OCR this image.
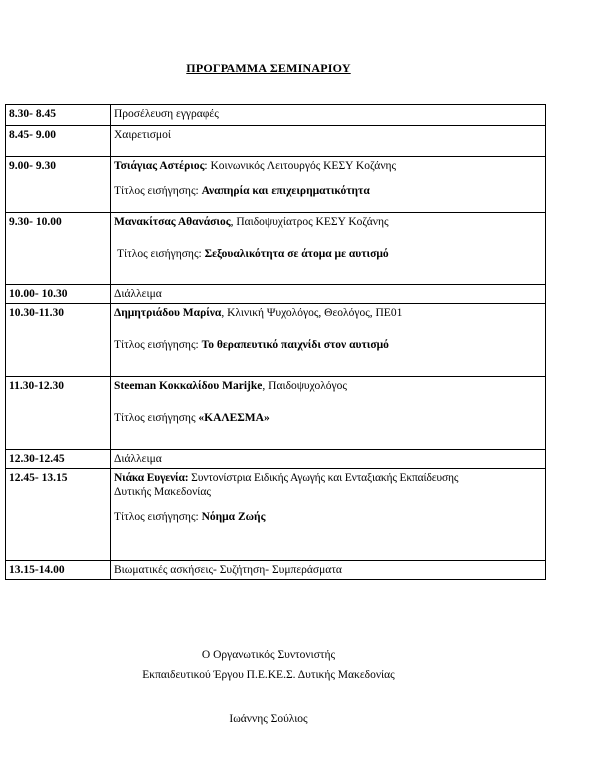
ΠΡΟΓΡΑΜΜΑ ΣΕΜΙΝΑΡΙΟΥ
8.30- 8.45	Προσέλευση εγγραφές
8.45- 9.00	Χαιρετισμοί
9.00- 9.30	Τσιάγιας Αστέριος: Κοινωνικός Λειτουργός ΚΕΣΥ Κοζάνης
Τίτλος εισήγησης: Αναπηρία και επιχειρηματικότητα

9.30- 10.00	Μανακίτσας Αθανάσιος, Παιδοψυχίατρος ΚΕΣΥ Κοζάνης
Τίτλος εισήγησης: Σεξουαλικότητα σε άτομα με αυτισμό

10.00- 10.30	Διάλλειμα
10.30-11.30	Δημητριάδου Μαρίνα, Κλινική Ψυχολόγος, Θεολόγος, ΠΕ01
Τίτλος εισήγησης: Το θεραπευτικό παιχνίδι στον αυτισμό

11.30-12.30	Steeman Κοκκαλίδου Marijke, Παιδοψυχολόγος
Τίτλος εισήγησης «ΚΑΛΕΣΜΑ»

12.30-12.45	Διάλλειμα
12.45- 13.15	Νιάκα Ευγενία: Συντονίστρια Ειδικής Αγωγής και Ενταξιακής Εκπαίδευσης
Δυτικής Μακεδονίας
Τίτλος εισήγησης: Νόημα Ζωής

13.15-14.00	Βιωματικές ασκήσεις- Συζήτηση- Συμπεράσματα
Ο Οργανωτικός Συντονιστής
Εκπαιδευτικού Έργου Π.Ε.ΚΕ.Σ. Δυτικής Μακεδονίας
Ιωάννης Σούλιος
